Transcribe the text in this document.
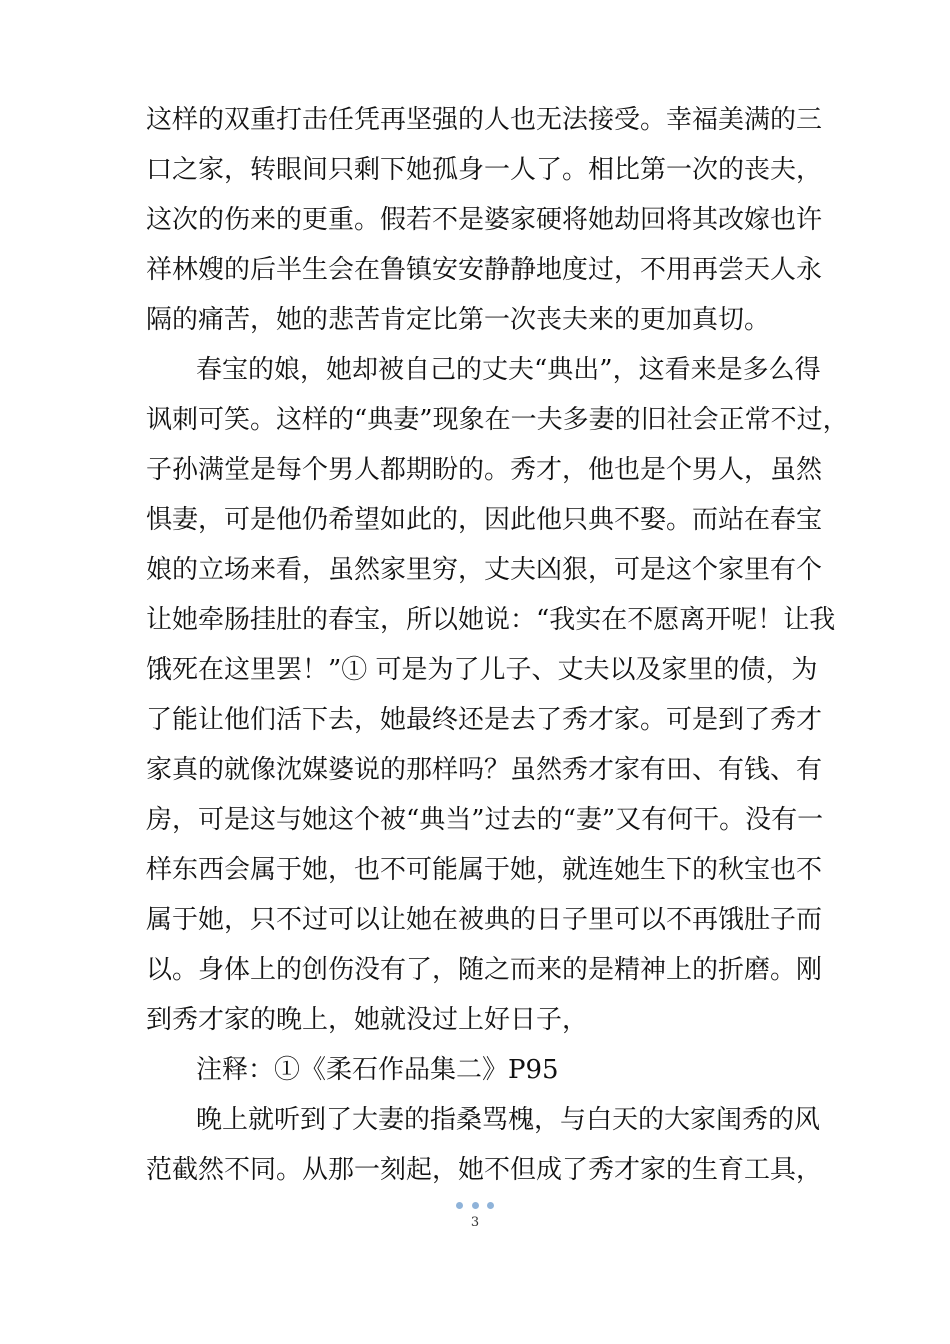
这样的双重打击任凭再坚强的人也无法接受。幸福美满的三
口之家，转眼间只剩下她孤身一人了。相比第一次的丧夫，
这次的伤来的更重。假若不是婆家硬将她劫回将其改嫁也许
祥林嫂的后半生会在鲁镇安安静静地度过，不用再尝天人永
隔的痛苦，她的悲苦肯定比第一次丧夫来的更加真切。
春宝的娘，她却被自己的丈夫“典出”，这看来是多么得
讽刺可笑。这样的“典妻”现象在一夫多妻的旧社会正常不过，
子孙满堂是每个男人都期盼的。秀才，他也是个男人，虽然
惧妻，可是他仍希望如此的，因此他只典不娶。而站在春宝
娘的立场来看，虽然家里穷，丈夫凶狠，可是这个家里有个
让她牵肠挂肚的春宝，所以她说：“我实在不愿离开呢！让我
饿死在这里罢！”① 可是为了儿子、丈夫以及家里的债，为
了能让他们活下去，她最终还是去了秀才家。可是到了秀才
家真的就像沈媒婆说的那样吗？虽然秀才家有田、有钱、有
房，可是这与她这个被“典当”过去的“妻”又有何干。没有一
样东西会属于她，也不可能属于她，就连她生下的秋宝也不
属于她，只不过可以让她在被典的日子里可以不再饿肚子而
以。身体上的创伤没有了，随之而来的是精神上的折磨。刚
到秀才家的晚上，她就没过上好日子，
注释：①《柔石作品集二》P95
晚上就听到了大妻的指桑骂槐，与白天的大家闺秀的风
范截然不同。从那一刻起，她不但成了秀才家的生育工具，
3
